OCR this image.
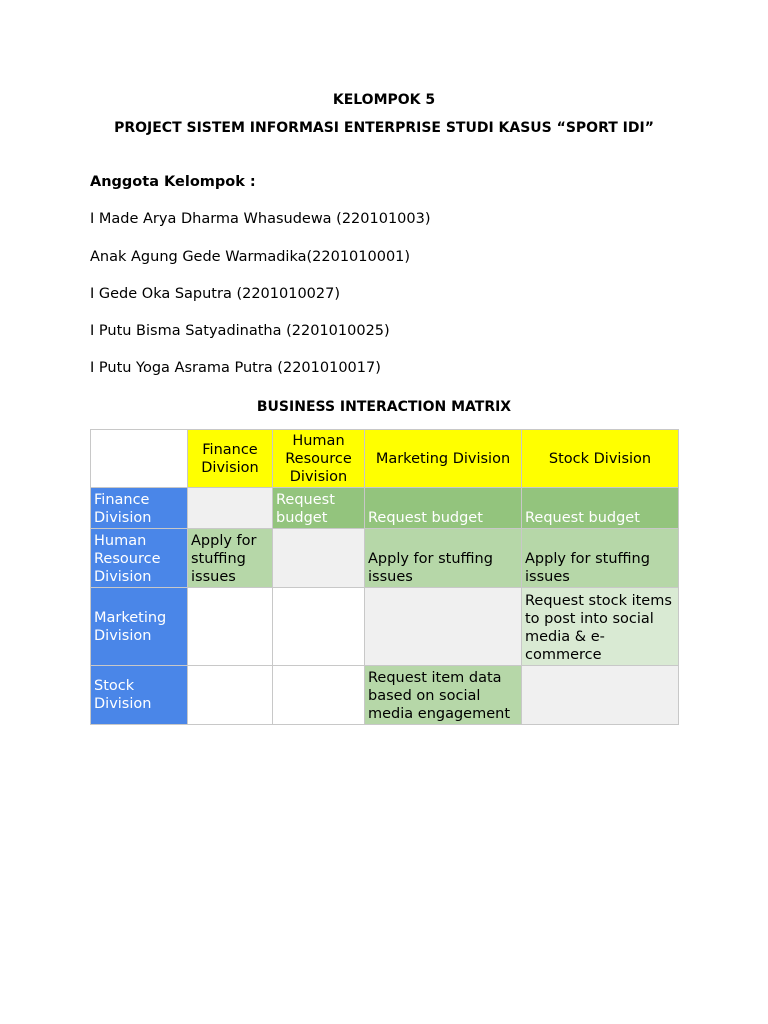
KELOMPOK 5
PROJECT SISTEM INFORMASI ENTERPRISE STUDI KASUS “SPORT IDI”
Anggota Kelompok :
I Made Arya Dharma Whasudewa (220101003)
Anak Agung Gede Warmadika(2201010001)
I Gede Oka Saputra (2201010027)
I Putu Bisma Satyadinatha (2201010025)
I Putu Yoga Asrama Putra (2201010017)
BUSINESS INTERACTION MATRIX
	Finance Division	Human Resource Division	Marketing Division	Stock Division
Finance Division		Request budget	Request budget	Request budget
Human Resource Division	Apply for stuffing issues		Apply for stuffing issues	Apply for stuffing issues
Marketing Division				Request stock items to post into social media & e-commerce
Stock Division			Request item data based on social media engagement	
